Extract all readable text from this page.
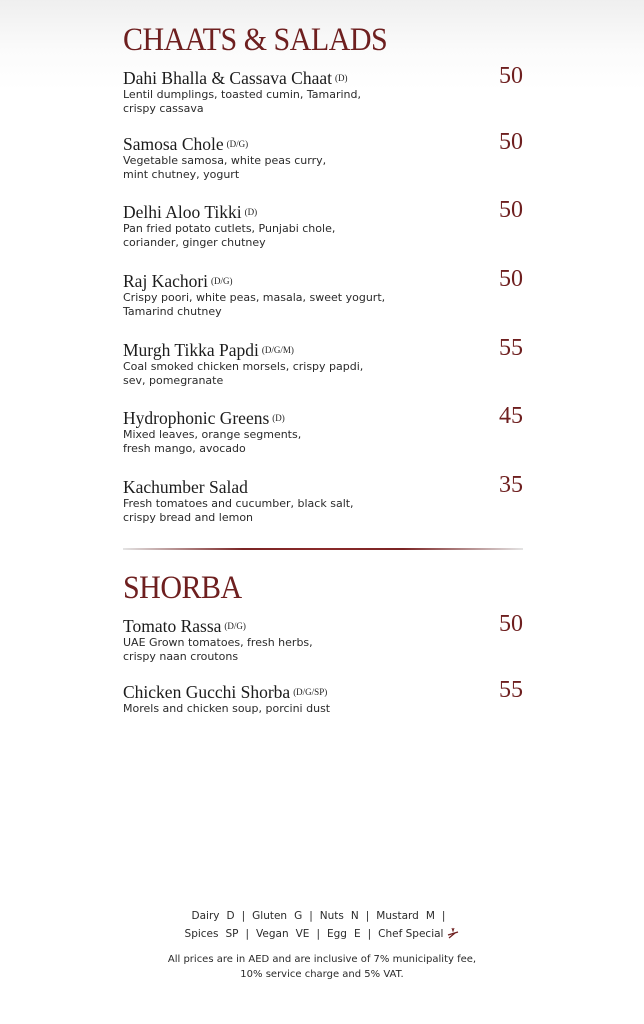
CHAATS & SALADS
Dahi Bhalla & Cassava Chaat (D)
Lentil dumplings, toasted cumin, Tamarind,
crispy cassava
50
Samosa Chole (D/G)
Vegetable samosa, white peas curry,
mint chutney, yogurt
50
Delhi Aloo Tikki (D)
Pan fried potato cutlets, Punjabi chole,
coriander, ginger chutney
50
Raj Kachori (D/G)
Crispy poori, white peas, masala, sweet yogurt,
Tamarind chutney
50
Murgh Tikka Papdi (D/G/M)
Coal smoked chicken morsels, crispy papdi,
sev, pomegranate
55
Hydrophonic Greens (D)
Mixed leaves, orange segments,
fresh mango, avocado
45
Kachumber Salad
Fresh tomatoes and cucumber, black salt,
crispy bread and lemon
35
SHORBA
Tomato Rassa (D/G)
UAE Grown tomatoes, fresh herbs,
crispy naan croutons
50
Chicken Gucchi Shorba (D/G/SP)
Morels and chicken soup, porcini dust
55
Dairy D | Gluten G | Nuts N | Mustard M |
Spices SP | Vegan VE | Egg E | Chef Special
All prices are in AED and are inclusive of 7% municipality fee,
10% service charge and 5% VAT.
